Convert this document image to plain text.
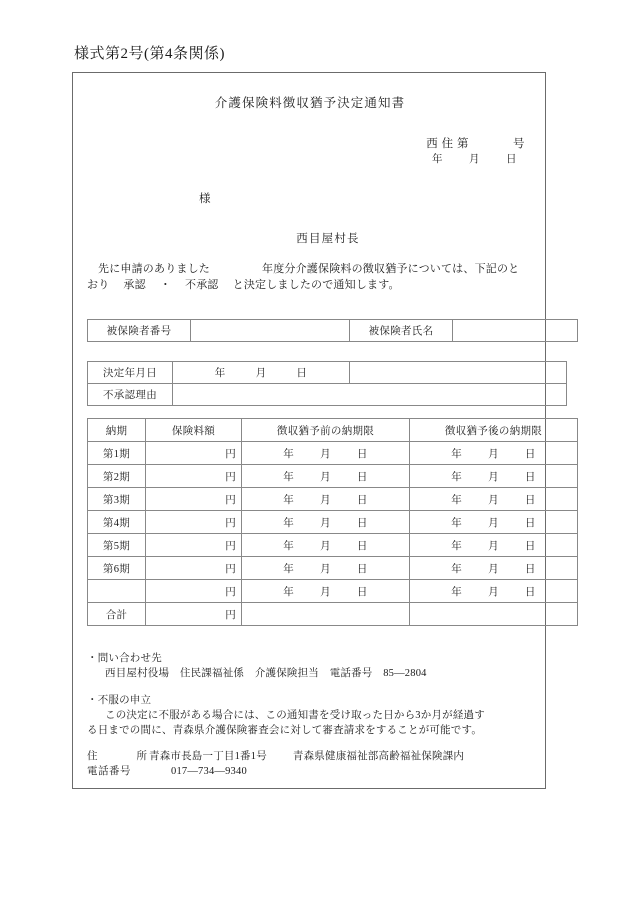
様式第2号(第4条関係)
介護保険料徴収猶予決定通知書
西 住 第	号
年 月 日
様
西目屋村長
先に申請のありました	年度分介護保険料の徴収猶予については、下記のと
おり 承認 ・ 不承認 と決定しましたので通知します。
被保険者番号		被保険者氏名	
決定年月日	年 月 日	

不承認理由		
納期	保険料額	徴収猶予前の納期限	徴収猶予後の納期限
第1期	円	年 月 日	年 月 日

第2期	円	年 月 日	年 月 日

第3期	円	年 月 日	年 月 日

第4期	円	年 月 日	年 月 日

第5期	円	年 月 日	年 月 日

第6期	円	年 月 日	年 月 日

	円	年 月 日	年 月 日

合計	円		
・問い合わせ先
西目屋村役場　住民課福祉係　介護保険担当　電話番号　85—2804
・不服の申立
この決定に不服がある場合には、この通知書を受け取った日から3か月が経過す
る日までの間に、青森県介護保険審査会に対して審査請求をすることが可能です。
住　　所青森市長島一丁目1番1号 青森県健康福祉部高齢福祉保険課内
電話番号	017—734—9340
